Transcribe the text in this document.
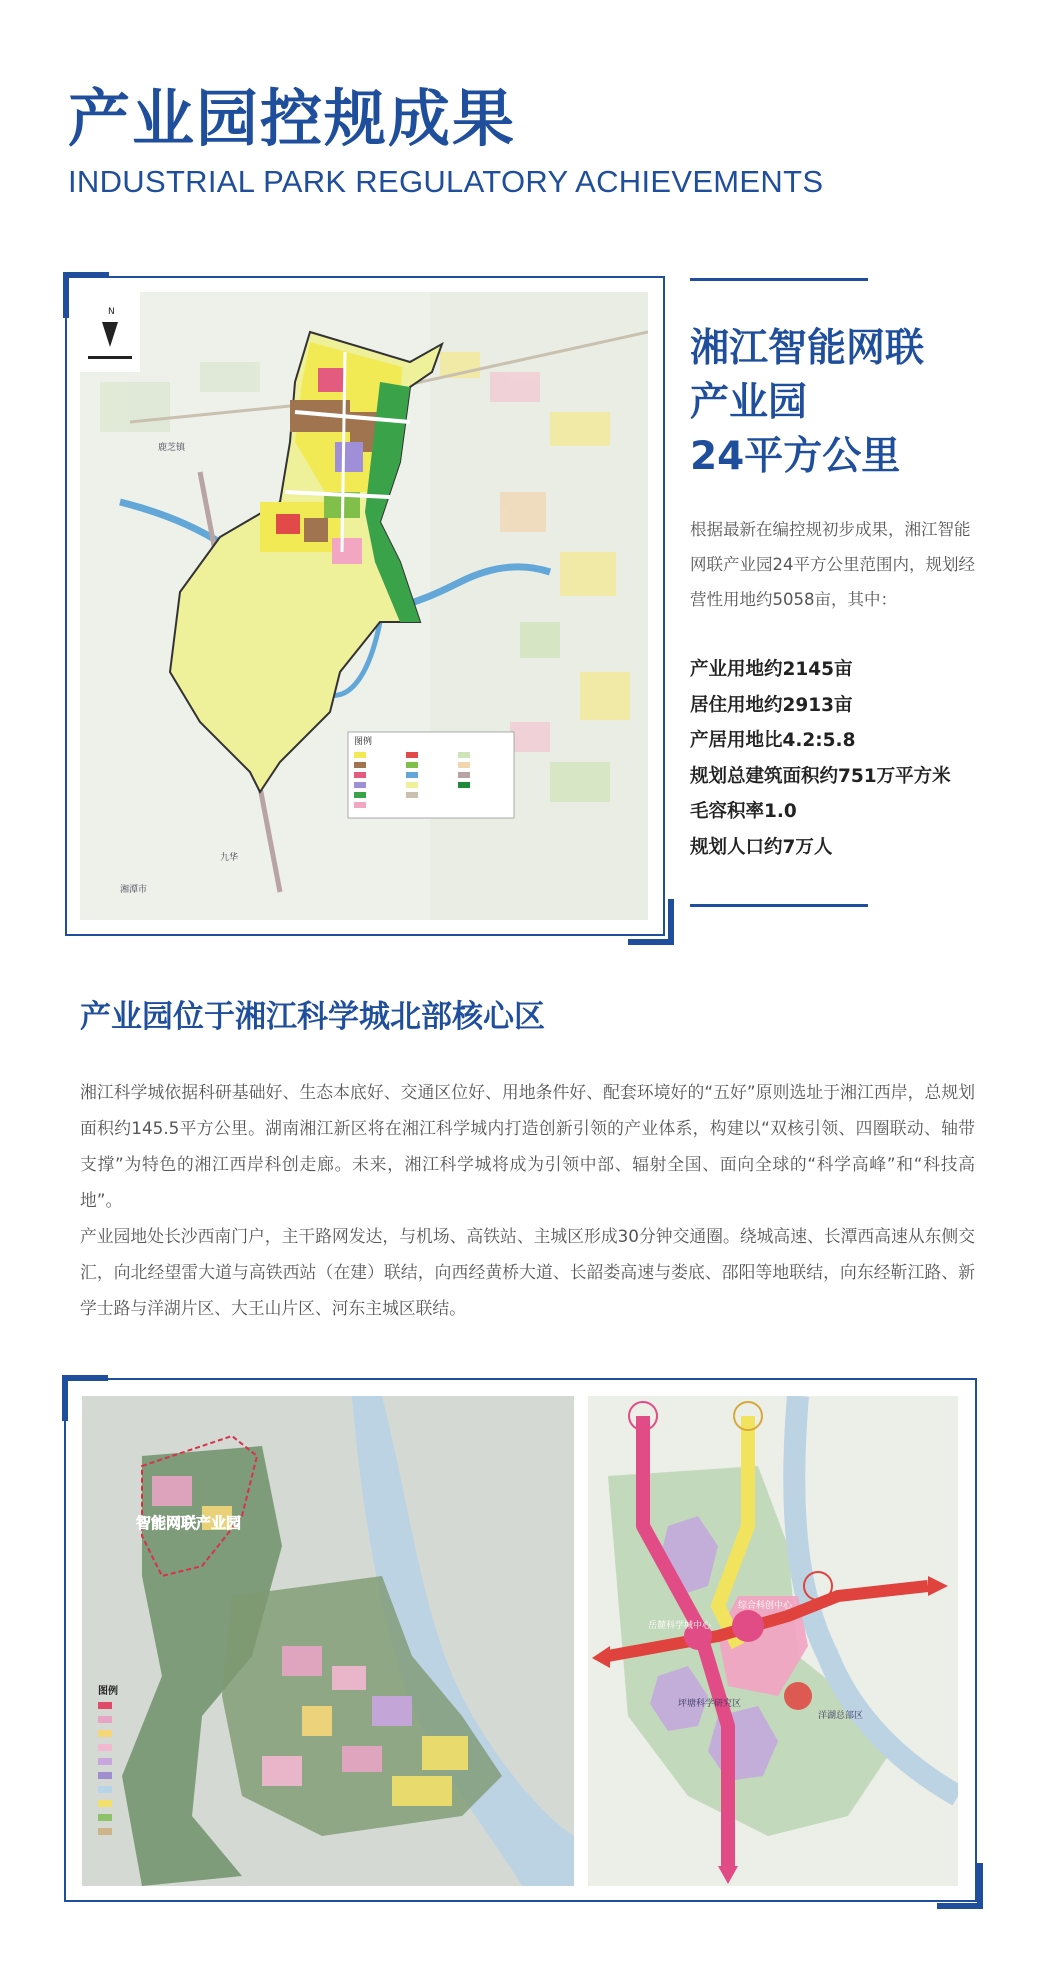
产业园控规成果
INDUSTRIAL PARK REGULATORY ACHIEVEMENTS
N
鹿芝镇
湘潭市
九华
图例
湘江智能网联
产业园
24平方公里
根据最新在编控规初步成果，湘江智能网联产业园24平方公里范围内，规划经营性用地约5058亩，其中：
产业用地约2145亩
居住用地约2913亩
产居用地比4.2:5.8
规划总建筑面积约751万平方米
毛容积率1.0
规划人口约7万人
产业园位于湘江科学城北部核心区
湘江科学城依据科研基础好、生态本底好、交通区位好、用地条件好、配套环境好的“五好”原则选址于湘江西岸，总规划面积约145.5平方公里。湖南湘江新区将在湘江科学城内打造创新引领的产业体系，构建以“双核引领、四圈联动、轴带支撑”为特色的湘江西岸科创走廊。未来，湘江科学城将成为引领中部、辐射全国、面向全球的“科学高峰”和“科技高地”。
产业园地处长沙西南门户，主干路网发达，与机场、高铁站、主城区形成30分钟交通圈。绕城高速、长潭西高速从东侧交汇，向北经望雷大道与高铁西站（在建）联结，向西经黄桥大道、长韶娄高速与娄底、邵阳等地联结，向东经靳江路、新学士路与洋湖片区、大王山片区、河东主城区联结。
智能网联产业园
图例
综合科创中心
岳麓科学城中心
坪塘科学研究区
洋湖总部区
